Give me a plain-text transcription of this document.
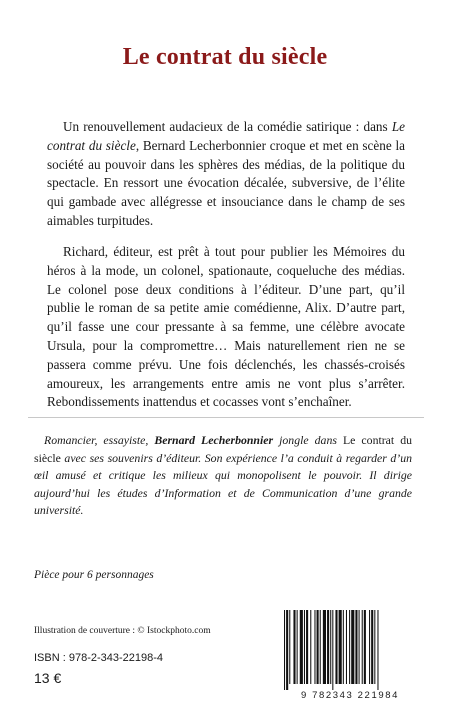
Le contrat du siècle

Un renouvellement audacieux de la comédie satirique : dans Le contrat du siècle, Bernard Lecherbonnier croque et met en scène la société au pouvoir dans les sphères des médias, de la politique du spectacle. En ressort une évocation décalée, subversive, de l’élite qui gambade avec allégresse et insouciance dans le champ de ses aimables turpitudes.

Richard, éditeur, est prêt à tout pour publier les Mémoires du héros à la mode, un colonel, spationaute, coqueluche des médias. Le colonel pose deux conditions à l’éditeur. D’une part, qu’il publie le roman de sa petite amie comédienne, Alix. D’autre part, qu’il fasse une cour pressante à sa femme, une célèbre avocate Ursula, pour la compromettre… Mais naturellement rien ne se passera comme prévu. Une fois déclenchés, les chassés-croisés amoureux, les arrangements entre amis ne vont plus s’arrêter. Rebondissements inattendus et cocasses vont s’enchaîner.

Romancier, essayiste, Bernard Lecherbonnier jongle dans Le contrat du siècle avec ses souvenirs d’éditeur. Son expérience l’a conduit à regarder d’un œil amusé et critique les milieux qui monopolisent le pouvoir. Il dirige aujourd’hui les études d’Information et de Communication d’une grande université.

Pièce pour 6 personnages

Illustration de couverture : © Istockphoto.com

ISBN : 978-2-343-22198-4

13 €

9 782343 221984
